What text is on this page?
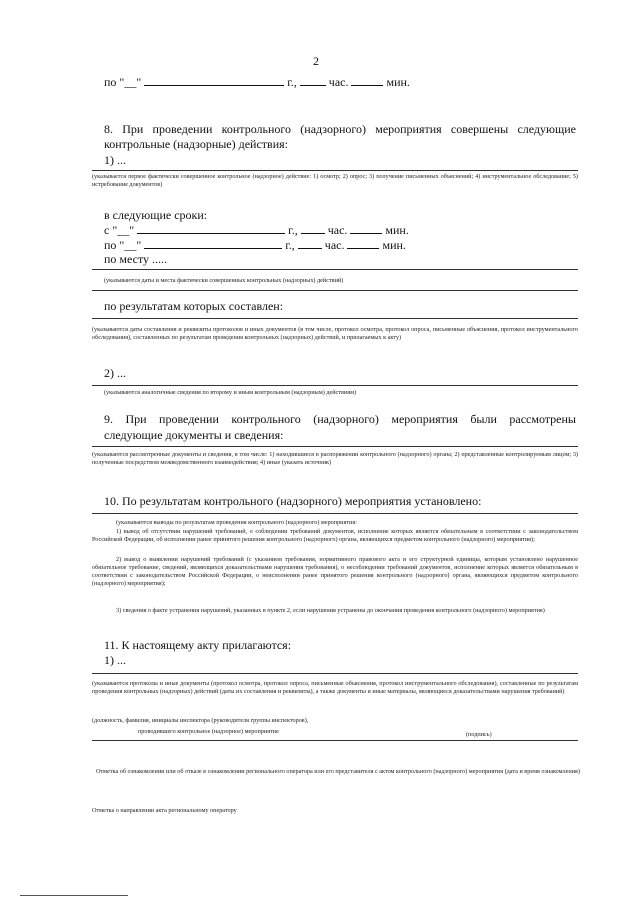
2
по "__"	г.,	час.	мин.
8. При проведении контрольного (надзорного) мероприятия совершены следующие
контрольные (надзорные) действия:
1) ...
(указывается первое фактически совершенное контрольное (надзорное) действие: 1) осмотр; 2) опрос; 3) получение письменных объяснений; 4) инструментальное обследование; 5) истребование документов)
в следующие сроки:
с "__"	г.,	час.	мин.
по "__"	г.,	час.	мин.
по месту .....
(указываются даты и места фактически совершенных контрольных (надзорных) действий)
по результатам которых составлен:
(указываются даты составления и реквизиты протоколов и иных документов (в том числе, протокол осмотра, протокол опроса, письменные объяснения, протокол инструментального обследования), составленных по результатам проведения контрольных (надзорных) действий, и прилагаемых к акту)
2) ...
(указываются аналогичные сведения по второму и иным контрольным (надзорным) действиям)
9. При проведении контрольного (надзорного) мероприятия были рассмотрены
следующие документы и сведения:
(указываются рассмотренные документы и сведения, в том числе: 1) находившиеся в распоряжении контрольного (надзорного) органа; 2) представленные контролируемым лицом; 3) полученные посредством межведомственного взаимодействия; 4) иные (указать источник)
10. По результатам контрольного (надзорного) мероприятия установлено:
(указываются выводы по результатам проведения контрольного (надзорного) мероприятия:
1) вывод об отсутствии нарушений требований, о соблюдении требований документов, исполнение которых является обязательным в соответствии с законодательством Российской Федерации, об исполнении ранее принятого решения контрольного (надзорного) органа, являющихся предметом контрольного (надзорного) мероприятия);
2) вывод о выявлении нарушений требований (с указанием требования, нормативного правового акта и его структурной единицы, которым установлено нарушенное обязательное требование, сведений, являющихся доказательствами нарушения требования), о несоблюдении требований документов, исполнение которых является обязательным в соответствии с законодательством Российской Федерации, о неисполнении ранее принятого решения контрольного (надзорного) органа, являющихся предметом контрольного (надзорного) мероприятия);
3) сведения о факте устранения нарушений, указанных в пункте 2, если нарушения устранены до окончания проведения контрольного (надзорного) мероприятия)
11. К настоящему акту прилагаются:
1) ...
(указываются протоколы и иные документы (протокол осмотра, протокол опроса, письменные объяснения, протокол инструментального обследования), составленные по результатам проведения контрольных (надзорных) действий (даты их составления и реквизиты), а также документы и иные материалы, являющиеся доказательствами нарушения требований)
(должность, фамилия, инициалы инспектора (руководителя группы инспекторов),
проводившего контрольное (надзорное) мероприятие	(подпись)
Отметка об ознакомлении или об отказе в ознакомлении регионального оператора или его представителя с актом контрольного (надзорного) мероприятия (дата и время ознакомления)
Отметка о направлении акта региональному оператору
